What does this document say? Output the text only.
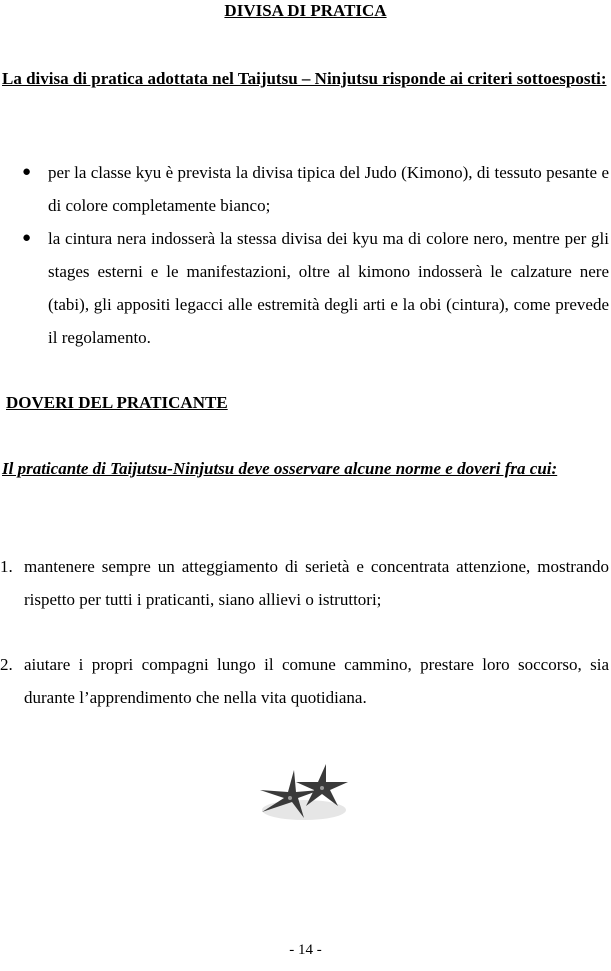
DIVISA DI PRATICA
La divisa di pratica adottata nel Taijutsu – Ninjutsu risponde ai criteri sottoesposti:
● per la classe kyu è prevista la divisa tipica del Judo (Kimono), di tessuto pesante e di colore completamente bianco;
● la cintura nera indosserà la stessa divisa dei kyu ma di colore nero, mentre per gli stages esterni e le manifestazioni, oltre al kimono indosserà le calzature nere (tabi), gli appositi legacci alle estremità degli arti e la obi (cintura), come prevede il regolamento.
DOVERI DEL PRATICANTE
Il praticante di Taijutsu-Ninjutsu deve osservare alcune norme e doveri fra cui:
1. mantenere sempre un atteggiamento di serietà e concentrata attenzione, mostrando rispetto per tutti i praticanti, siano allievi o istruttori;
2. aiutare i propri compagni lungo il comune cammino, prestare loro soccorso, sia durante l’apprendimento che nella vita quotidiana.
- 14 -
